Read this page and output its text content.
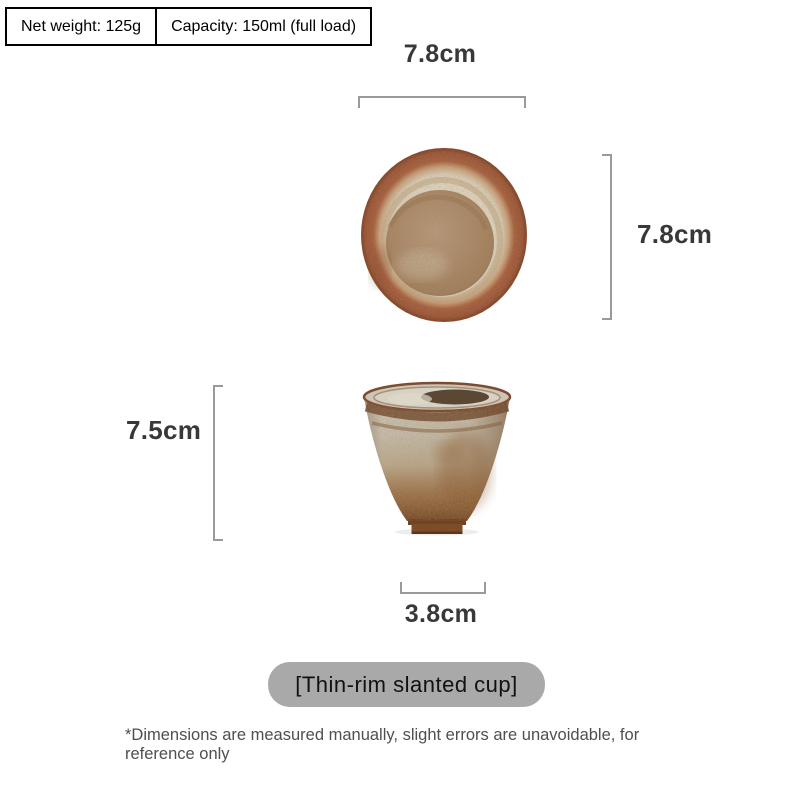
Net weight: 125g	Capacity: 150ml (full load)
7.8cm
7.8cm
7.5cm
3.8cm
[Thin-rim slanted cup]
*Dimensions are measured manually, slight errors are unavoidable, for reference only
